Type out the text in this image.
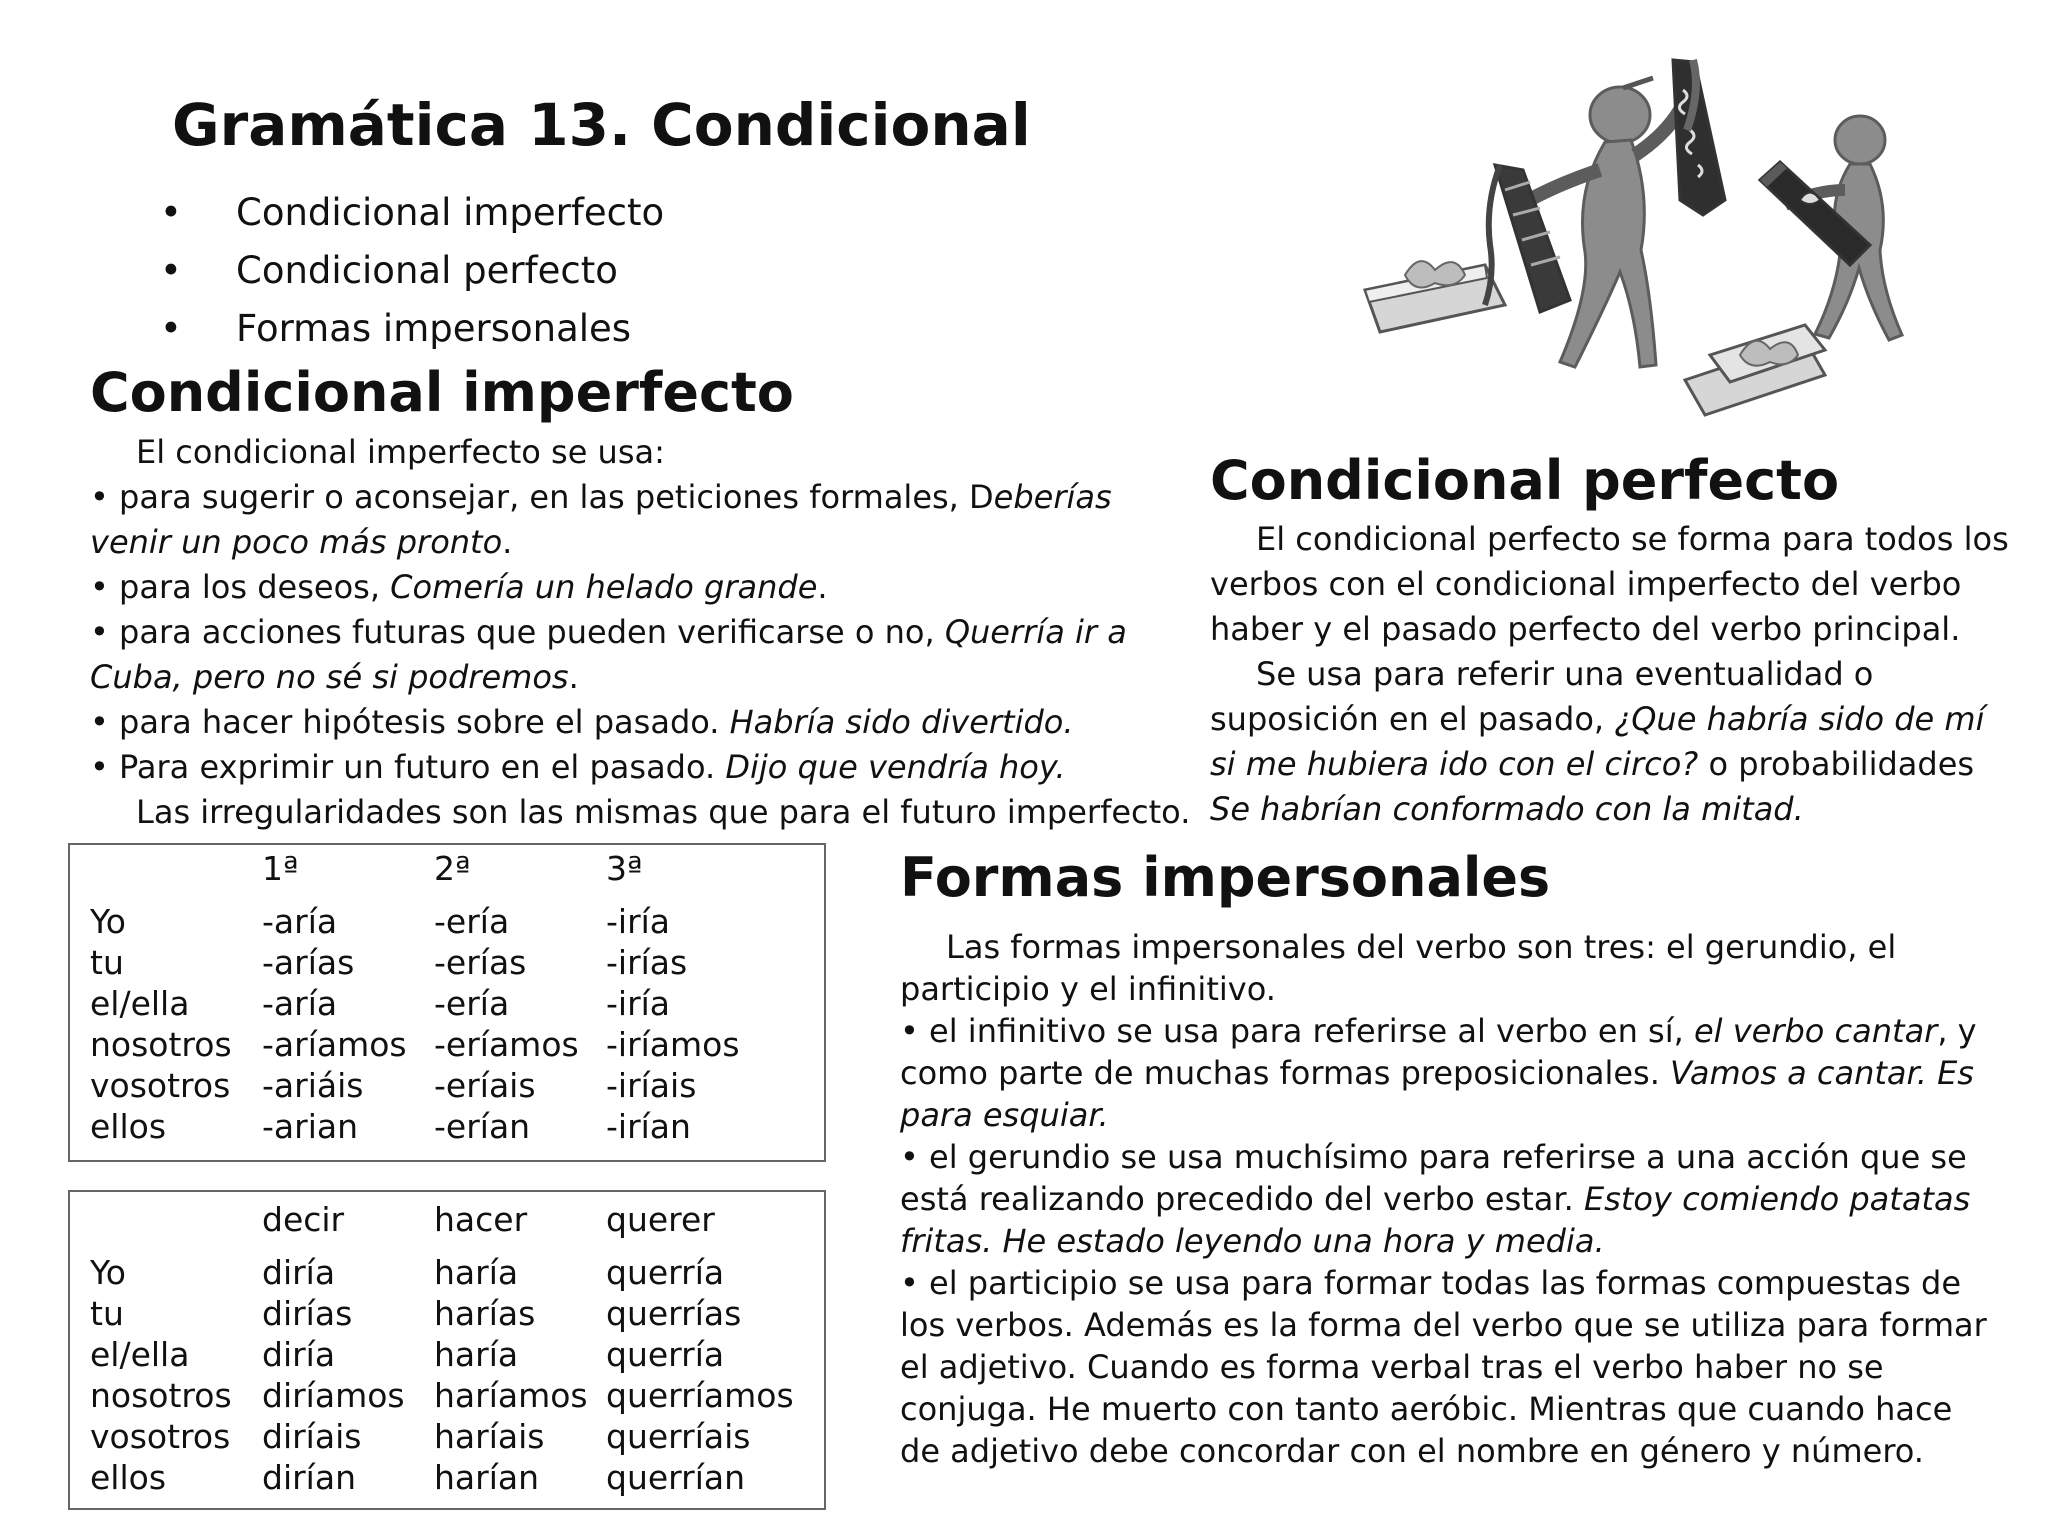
Gramática 13. Condicional
• Condicional imperfecto
• Condicional perfecto
• Formas impersonales
Condicional imperfecto

El condicional imperfecto se usa:

• para sugerir o aconsejar, en las peticiones formales, Deberías venir un poco más pronto.

• para los deseos, Comería un helado grande.

• para acciones futuras que pueden verificarse o no, Querría ir a Cuba, pero no sé si podremos.

• para hacer hipótesis sobre el pasado. Habría sido divertido.

• Para exprimir un futuro en el pasado. Dijo que vendría hoy.

Las irregularidades son las mismas que para el futuro imperfecto.

	1ª	2ª	3ª
Yo	-aría	-ería	-iría
tu	-arías	-erías	-irías
el/ella	-aría	-ería	-iría
nosotros	-aríamos	-eríamos	-iríamos
vosotros	-ariáis	-eríais	-iríais
ellos	-arian	-erían	-irían
	decir	hacer	querer
Yo	diría	haría	querría
tu	dirías	harías	querrías
el/ella	diría	haría	querría
nosotros	diríamos	haríamos	querríamos
vosotros	diríais	haríais	querríais
ellos	dirían	harían	querrían
Condicional perfecto

El condicional perfecto se forma para todos los verbos con el condicional imperfecto del verbo haber y el pasado perfecto del verbo principal.

Se usa para referir una eventualidad o suposición en el pasado, ¿Que habría sido de mí si me hubiera ido con el circo? o probabilidades Se habrían conformado con la mitad.

Formas impersonales

Las formas impersonales del verbo son tres: el gerundio, el participio y el infinitivo.

• el infinitivo se usa para referirse al verbo en sí, el verbo cantar, y como parte de muchas formas preposicionales. Vamos a cantar. Es para esquiar.

• el gerundio se usa muchísimo para referirse a una acción que se está realizando precedido del verbo estar. Estoy comiendo patatas fritas. He estado leyendo una hora y media.

• el participio se usa para formar todas las formas compuestas de los verbos. Además es la forma del verbo que se utiliza para formar el adjetivo. Cuando es forma verbal tras el verbo haber no se conjuga. He muerto con tanto aeróbic. Mientras que cuando hace de adjetivo debe concordar con el nombre en género y número.
